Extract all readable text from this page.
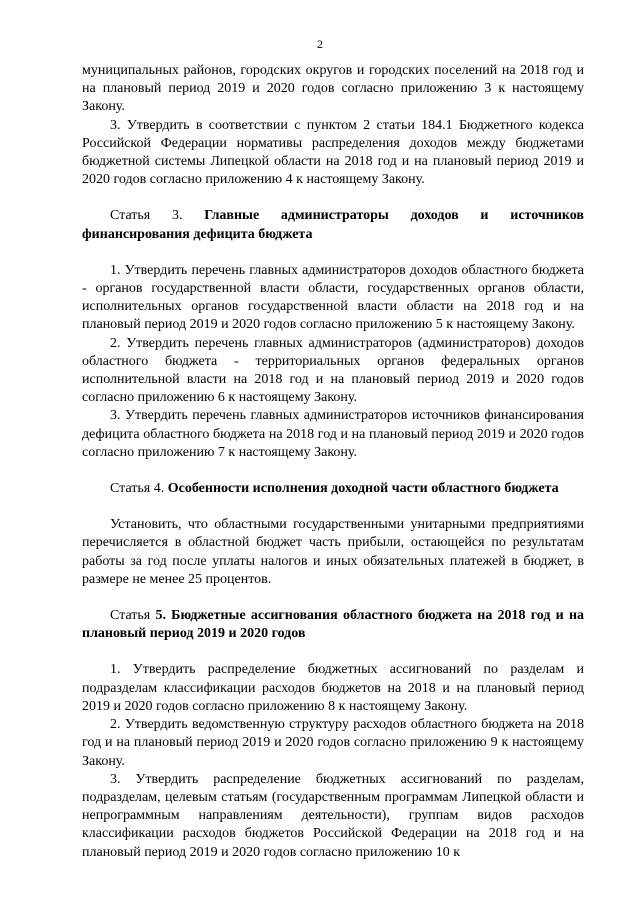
2

муниципальных районов, городских округов и городских поселений на 2018 год и на плановый период 2019 и 2020 годов согласно приложению 3 к настоящему Закону.

3. Утвердить в соответствии с пунктом 2 статьи 184.1 Бюджетного кодекса Российской Федерации нормативы распределения доходов между бюджетами бюджетной системы Липецкой области на 2018 год и на плановый период 2019 и 2020 годов согласно приложению 4 к настоящему Закону.

Статья 3. Главные администраторы доходов и источников финансирования дефицита бюджета

1. Утвердить перечень главных администраторов доходов областного бюджета - органов государственной власти области, государственных органов области, исполнительных органов государственной власти области на 2018 год и на плановый период 2019 и 2020 годов согласно приложению 5 к настоящему Закону.

2. Утвердить перечень главных администраторов (администраторов) доходов областного бюджета - территориальных органов федеральных органов исполнительной власти на 2018 год и на плановый период 2019 и 2020 годов согласно приложению 6 к настоящему Закону.

3. Утвердить перечень главных администраторов источников финансирования дефицита областного бюджета на 2018 год и на плановый период 2019 и 2020 годов согласно приложению 7 к настоящему Закону.

Статья 4. Особенности исполнения доходной части областного бюджета

Установить, что областными государственными унитарными предприятиями перечисляется в областной бюджет часть прибыли, остающейся по результатам работы за год после уплаты налогов и иных обязательных платежей в бюджет, в размере не менее 25 процентов.

Статья 5. Бюджетные ассигнования областного бюджета на 2018 год и на плановый период 2019 и 2020 годов

1. Утвердить распределение бюджетных ассигнований по разделам и подразделам классификации расходов бюджетов на 2018 и на плановый период 2019 и 2020 годов согласно приложению 8 к настоящему Закону.

2. Утвердить ведомственную структуру расходов областного бюджета на 2018 год и на плановый период 2019 и 2020 годов согласно приложению 9 к настоящему Закону.

3. Утвердить распределение бюджетных ассигнований по разделам, подразделам, целевым статьям (государственным программам Липецкой области и непрограммным направлениям деятельности), группам видов расходов классификации расходов бюджетов Российской Федерации на 2018 год и на плановый период 2019 и 2020 годов согласно приложению 10 к
